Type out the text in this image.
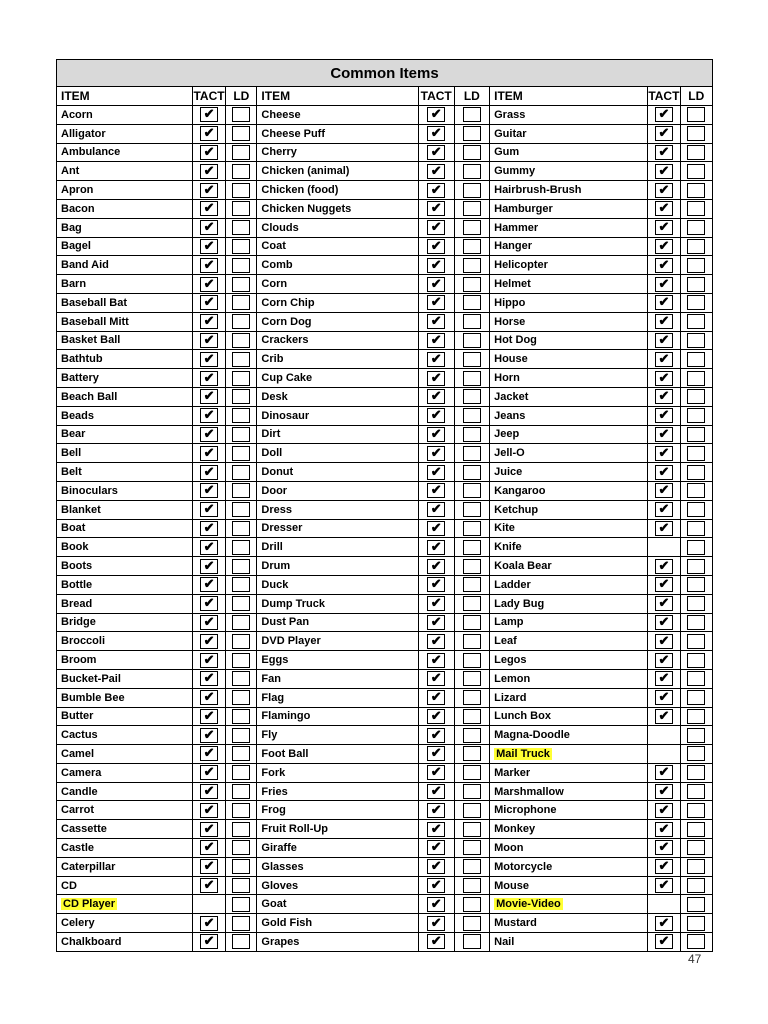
Common Items								
ITEM	TACT	LD	ITEM	TACT	LD	ITEM	TACT	LD
Acorn	✔		Cheese	✔		Grass	✔	
Alligator	✔		Cheese Puff	✔		Guitar	✔	
Ambulance	✔		Cherry	✔		Gum	✔	
Ant	✔		Chicken (animal)	✔		Gummy	✔	
Apron	✔		Chicken (food)	✔		Hairbrush-Brush	✔	
Bacon	✔		Chicken Nuggets	✔		Hamburger	✔	
Bag	✔		Clouds	✔		Hammer	✔	
Bagel	✔		Coat	✔		Hanger	✔	
Band Aid	✔		Comb	✔		Helicopter	✔	
Barn	✔		Corn	✔		Helmet	✔	
Baseball Bat	✔		Corn Chip	✔		Hippo	✔	
Baseball Mitt	✔		Corn Dog	✔		Horse	✔	
Basket Ball	✔		Crackers	✔		Hot Dog	✔	
Bathtub	✔		Crib	✔		House	✔	
Battery	✔		Cup Cake	✔		Horn	✔	
Beach Ball	✔		Desk	✔		Jacket	✔	
Beads	✔		Dinosaur	✔		Jeans	✔	
Bear	✔		Dirt	✔		Jeep	✔	
Bell	✔		Doll	✔		Jell-O	✔	
Belt	✔		Donut	✔		Juice	✔	
Binoculars	✔		Door	✔		Kangaroo	✔	
Blanket	✔		Dress	✔		Ketchup	✔	
Boat	✔		Dresser	✔		Kite	✔	
Book	✔		Drill	✔		Knife		
Boots	✔		Drum	✔		Koala Bear	✔	
Bottle	✔		Duck	✔		Ladder	✔	
Bread	✔		Dump Truck	✔		Lady Bug	✔	
Bridge	✔		Dust Pan	✔		Lamp	✔	
Broccoli	✔		DVD Player	✔		Leaf	✔	
Broom	✔		Eggs	✔		Legos	✔	
Bucket-Pail	✔		Fan	✔		Lemon	✔	
Bumble Bee	✔		Flag	✔		Lizard	✔	
Butter	✔		Flamingo	✔		Lunch Box	✔	
Cactus	✔		Fly	✔		Magna-Doodle		
Camel	✔		Foot Ball	✔		Mail Truck		
Camera	✔		Fork	✔		Marker	✔	
Candle	✔		Fries	✔		Marshmallow	✔	
Carrot	✔		Frog	✔		Microphone	✔	
Cassette	✔		Fruit Roll-Up	✔		Monkey	✔	
Castle	✔		Giraffe	✔		Moon	✔	
Caterpillar	✔		Glasses	✔		Motorcycle	✔	
CD	✔		Gloves	✔		Mouse	✔	
CD Player			Goat	✔		Movie-Video		
Celery	✔		Gold Fish	✔		Mustard	✔	
Chalkboard	✔		Grapes	✔		Nail	✔	
47
